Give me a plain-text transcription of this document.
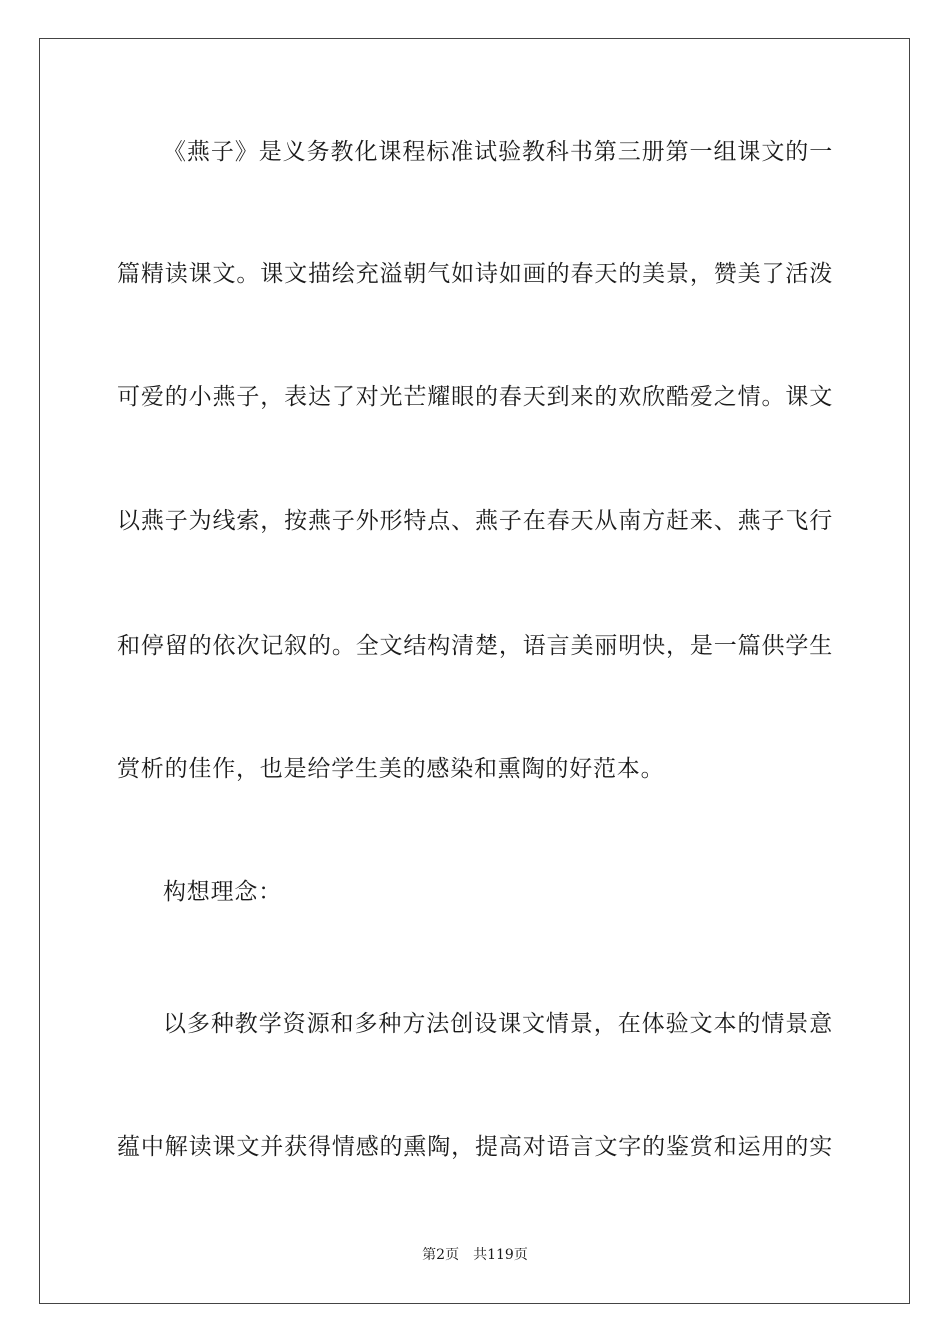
《燕子》是义务教化课程标准试验教科书第三册第一组课文的一
篇精读课文。课文描绘充溢朝气如诗如画的春天的美景，赞美了活泼
可爱的小燕子，表达了对光芒耀眼的春天到来的欢欣酷爱之情。课文
以燕子为线索，按燕子外形特点、燕子在春天从南方赶来、燕子飞行
和停留的依次记叙的。全文结构清楚，语言美丽明快，是一篇供学生
赏析的佳作，也是给学生美的感染和熏陶的好范本。
构想理念：
以多种教学资源和多种方法创设课文情景，在体验文本的情景意
蕴中解读课文并获得情感的熏陶，提高对语言文字的鉴赏和运用的实
第2页 共119页
